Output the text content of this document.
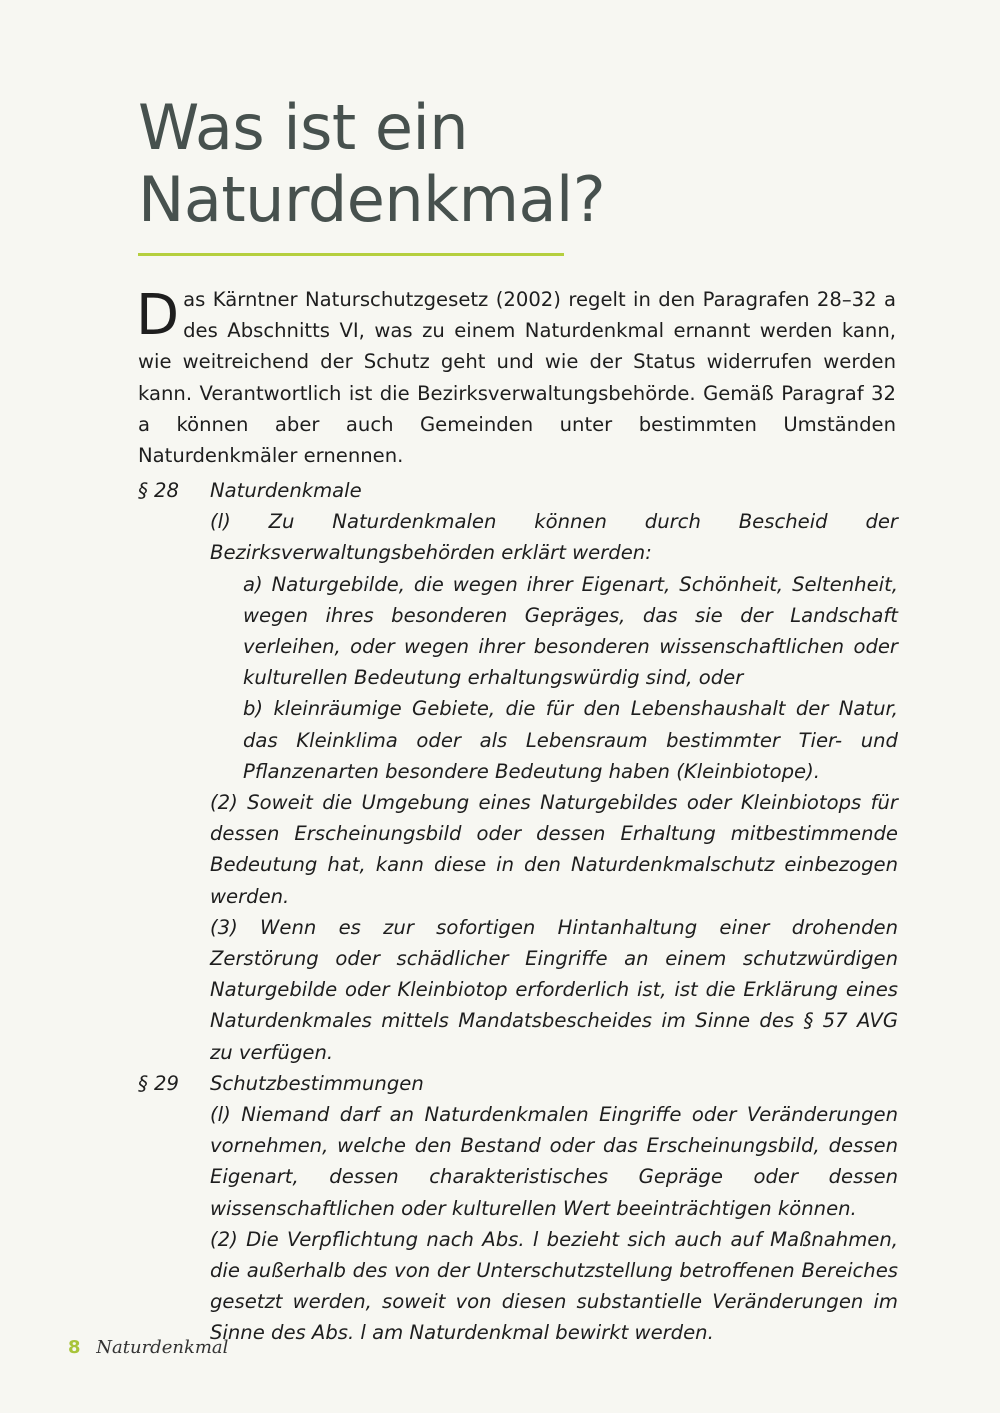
Was ist ein
Naturdenkmal?

Das Kärntner Naturschutzgesetz (2002) regelt in den Paragrafen 28–32 a des Abschnitts VI, was zu einem Naturdenkmal ernannt werden kann, wie weitreichend der Schutz geht und wie der Status widerrufen werden kann. Verantwortlich ist die Bezirksverwaltungsbehörde. Gemäß Paragraf 32 a können aber auch Gemeinden unter bestimmten Umständen Naturdenkmäler ernennen.

§ 28	Naturdenkmale
(l) Zu Naturdenkmalen können durch Bescheid der Bezirksverwaltungsbehörden erklärt werden:
a) Naturgebilde, die wegen ihrer Eigenart, Schönheit, Seltenheit, wegen ihres besonderen Gepräges, das sie der Landschaft verleihen, oder wegen ihrer besonderen wissenschaftlichen oder kulturellen Bedeutung erhaltungswürdig sind, oder
b) kleinräumige Gebiete, die für den Lebenshaushalt der Natur, das Kleinklima oder als Lebensraum bestimmter Tier- und Pflanzenarten besondere Bedeutung haben (Kleinbiotope).
(2) Soweit die Umgebung eines Naturgebildes oder Kleinbiotops für dessen Erscheinungsbild oder dessen Erhaltung mitbestimmende Bedeutung hat, kann diese in den Naturdenkmalschutz einbezogen werden.
(3) Wenn es zur sofortigen Hintanhaltung einer drohenden Zerstörung oder schädlicher Eingriffe an einem schutzwürdigen Naturgebilde oder Kleinbiotop erforderlich ist, ist die Erklärung eines Naturdenkmales mittels Mandatsbescheides im Sinne des § 57 AVG zu verfügen.
§ 29	Schutzbestimmungen
(l) Niemand darf an Naturdenkmalen Eingriffe oder Veränderungen vornehmen, welche den Bestand oder das Erscheinungsbild, dessen Eigenart, dessen charakteristisches Gepräge oder dessen wissenschaftlichen oder kulturellen Wert beeinträchtigen können.
(2) Die Verpflichtung nach Abs. l bezieht sich auch auf Maßnahmen, die außerhalb des von der Unterschutzstellung betroffenen Bereiches gesetzt werden, soweit von diesen substantielle Veränderungen im Sinne des Abs. l am Naturdenkmal bewirkt werden.
8 Naturdenkmal
